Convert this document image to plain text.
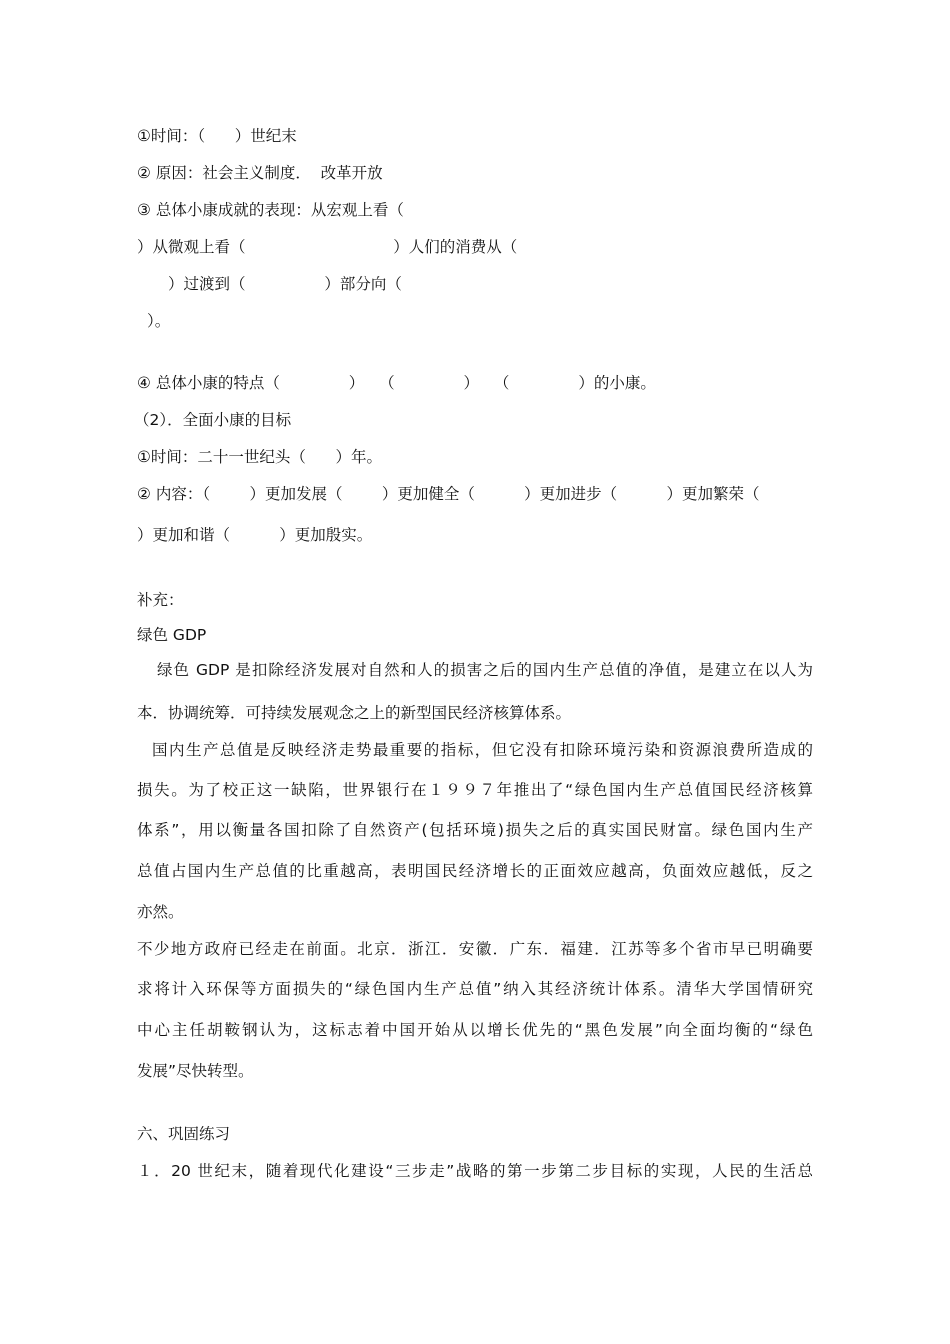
①时间：（      ）世纪末

② 原因：社会主义制度．  改革开放

③ 总体小康成就的表现：从宏观上看（

）从微观上看（                              ）人们的消费从（

）过渡到（                ）部分向（

）。

④ 总体小康的特点（              ）   （              ）   （              ）的小康。

（2）．全面小康的目标

①时间：二十一世纪头（      ）年。

② 内容：（        ）更加发展（        ）更加健全（          ）更加进步（          ）更加繁荣（

）更加和谐（          ）更加殷实。

补充：

绿色 GDP

绿色 GDP 是扣除经济发展对自然和人的损害之后的国内生产总值的净值，是建立在以人为

本．协调统筹．可持续发展观念之上的新型国民经济核算体系。

国内生产总值是反映经济走势最重要的指标，但它没有扣除环境污染和资源浪费所造成的

损失。为了校正这一缺陷，世界银行在１９９７年推出了“绿色国内生产总值国民经济核算

体系”，用以衡量各国扣除了自然资产(包括环境)损失之后的真实国民财富。绿色国内生产

总值占国内生产总值的比重越高，表明国民经济增长的正面效应越高，负面效应越低，反之

亦然。

不少地方政府已经走在前面。北京．浙江．安徽．广东．福建．江苏等多个省市早已明确要

求将计入环保等方面损失的“绿色国内生产总值”纳入其经济统计体系。清华大学国情研究

中心主任胡鞍钢认为，这标志着中国开始从以增长优先的“黑色发展”向全面均衡的“绿色

发展”尽快转型。

六、巩固练习

１．20 世纪末，随着现代化建设“三步走”战略的第一步第二步目标的实现，人民的生活总
